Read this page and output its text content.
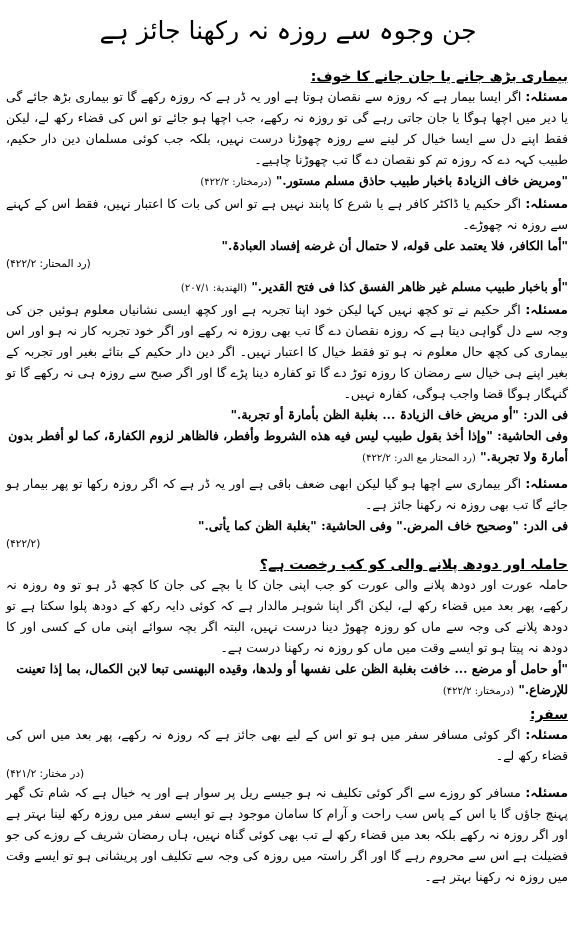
جن وجوہ سے روزہ نہ رکھنا جائز ہے
بیماری بڑھ جانے یا جان جانے کا خوف:
مسئلہ: اگر ایسا بیمار ہے کہ روزہ سے نقصان ہوتا ہے اور یہ ڈر ہے کہ روزہ رکھے گا تو بیماری بڑھ جائے گی یا دیر میں اچھا ہوگا یا جان جاتی رہے گی تو روزہ نہ رکھے، جب اچھا ہو جائے تو اس کی قضاء رکھ لے، لیکن فقط اپنے دل سے ایسا خیال کر لینے سے روزہ چھوڑنا درست نہیں، بلکہ جب کوئی مسلمان دین دار حکیم، طبیب کہہ دے کہ روزہ تم کو نقصان دے گا تب چھوڑنا چاہیے۔
"ومریض خاف الزیادۃ باخبار طبیب حاذق مسلم مستور." (درمختار: ۴۲۲/۲)
مسئلہ: اگر حکیم یا ڈاکٹر کافر ہے یا شرع کا پابند نہیں ہے تو اس کی بات کا اعتبار نہیں، فقط اس کے کہنے سے روزہ نہ چھوڑے۔
"أما الکافر، فلا یعتمد علی قوله، لا حتمال أن غرضه إفساد العبادۃ."
(رد المحتار: ۴۲۲/۲)
"أو باخبار طبیب مسلم غیر ظاهر الفسق کذا فی فتح القدیر." (الهندیة: ۲۰۷/۱)
مسئلہ: اگر حکیم نے تو کچھ نہیں کہا لیکن خود اپنا تجربہ ہے اور کچھ ایسی نشانیاں معلوم ہوئیں جن کی وجہ سے دل گواہی دیتا ہے کہ روزہ نقصان دے گا تب بھی روزہ نہ رکھے اور اگر خود تجربہ کار نہ ہو اور اس بیماری کی کچھ حال معلوم نہ ہو تو فقط خیال کا اعتبار نہیں۔ اگر دین دار حکیم کے بتائے بغیر اور تجربہ کے بغیر اپنے ہی خیال سے رمضان کا روزہ توڑ دے گا تو کفارہ دینا پڑے گا اور اگر صبح سے روزہ ہی نہ رکھے گا تو گنہگار ہوگا قضا واجب ہوگی، کفارہ نہیں۔
فی الدر: "أو مریض خاف الزیادۃ ... بغلبة الظن بأمارۃ أو تجربة."
وفی الحاشیة: "وإذا أخذ بقول طبیب لیس فیه هذه الشروط وأفطر، فالظاهر لزوم الکفارۃ، کما لو أفطر بدون أمارۃ ولا تجربة." (رد المحتار مع الدر: ۴۲۲/۲)
مسئلہ: اگر بیماری سے اچھا ہو گیا لیکن ابھی ضعف باقی ہے اور یہ ڈر ہے کہ اگر روزہ رکھا تو پھر بیمار ہو جائے گا تب بھی روزہ نہ رکھنا جائز ہے۔
فی الدر: "وصحیح خاف المرض." وفی الحاشیة: "بغلبة الظن کما یأتی."
(۴۲۲/۲)
حاملہ اور دودھ پلانے والی کو کب رخصت ہے؟
حاملہ عورت اور دودھ پلانے والی عورت کو جب اپنی جان کا یا بچے کی جان کا کچھ ڈر ہو تو وہ روزہ نہ رکھے، پھر بعد میں قضاء رکھ لے، لیکن اگر اپنا شوہر مالدار ہے کہ کوئی دایہ رکھ کے دودھ پلوا سکتا ہے تو دودھ پلانے کی وجہ سے ماں کو روزہ چھوڑ دینا درست نہیں، البتہ اگر بچہ سوائے اپنی ماں کے کسی اور کا دودھ نہ پیتا ہو تو ایسے وقت میں ماں کو روزہ نہ رکھنا درست ہے۔
"أو حامل أو مرضع ... خافت بغلبة الظن علی نفسها أو ولدها، وقیده البهنسی تبعا لابن الکمال، بما إذا تعینت للإرضاع." (درمختار: ۴۲۲/۲)
سفر:
مسئلہ: اگر کوئی مسافر سفر میں ہو تو اس کے لیے بھی جائز ہے کہ روزہ نہ رکھے، پھر بعد میں اس کی قضاء رکھ لے۔
(در مختار: ۴۲۱/۲)
مسئلہ: مسافر کو روزے سے اگر کوئی تکلیف نہ ہو جیسے ریل پر سوار ہے اور یہ خیال ہے کہ شام تک گھر پہنچ جاؤں گا یا اس کے پاس سب راحت و آرام کا سامان موجود ہے تو ایسے سفر میں روزہ رکھ لینا بہتر ہے اور اگر روزہ نہ رکھے بلکہ بعد میں قضاء رکھ لے تب بھی کوئی گناہ نہیں، ہاں رمضان شریف کے روزے کی جو فضیلت ہے اس سے محروم رہے گا اور اگر راستہ میں روزہ کی وجہ سے تکلیف اور پریشانی ہو تو ایسے وقت میں روزہ نہ رکھنا بہتر ہے۔
